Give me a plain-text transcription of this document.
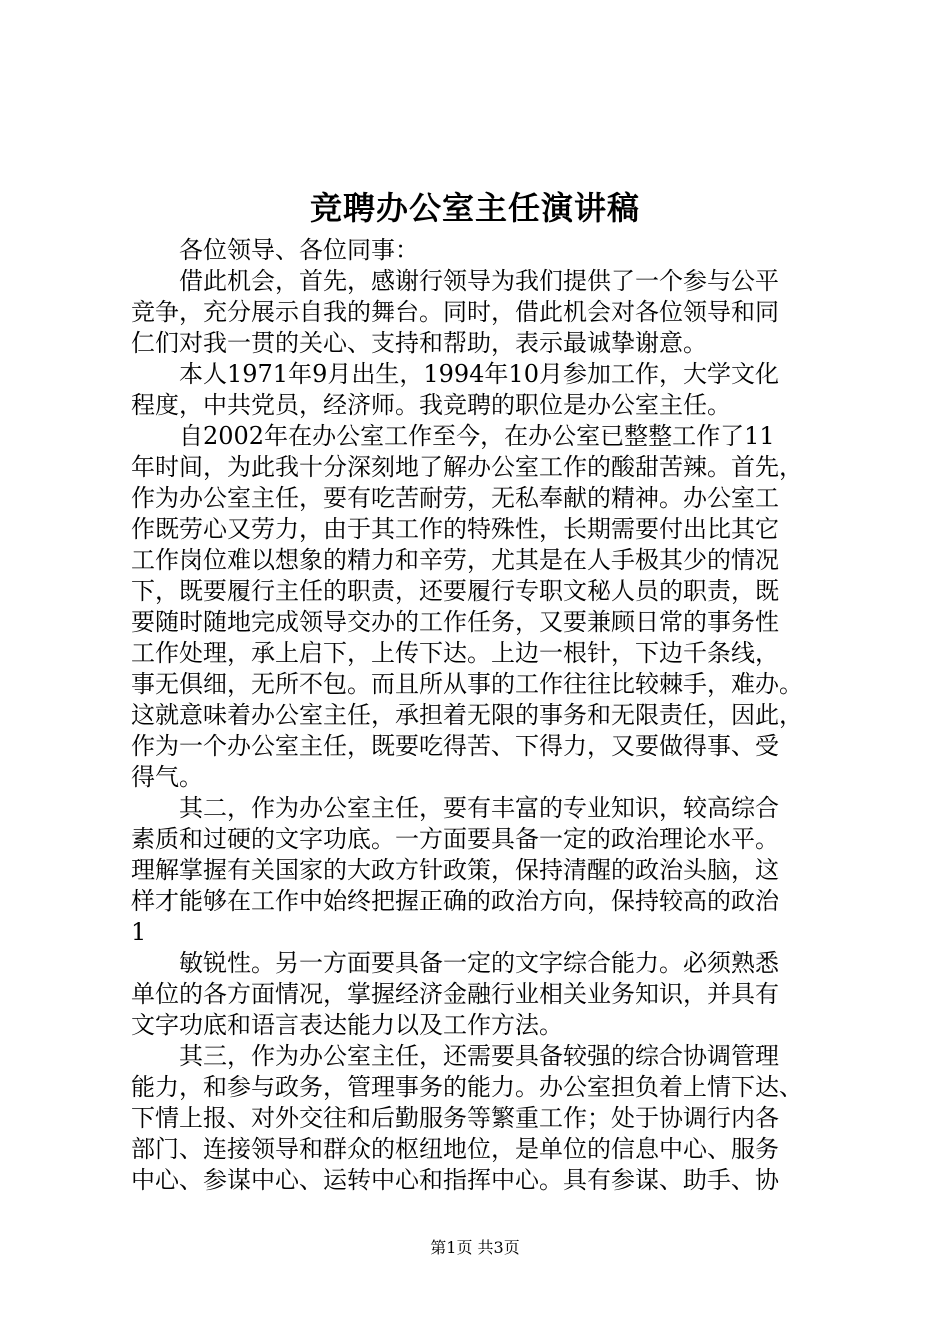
竞聘办公室主任演讲稿

各位领导、各位同事：

借此机会，首先，感谢行领导为我们提供了一个参与公平
竞争，充分展示自我的舞台。同时，借此机会对各位领导和同
仁们对我一贯的关心、支持和帮助，表示最诚挚谢意。

本人1971年9月出生，1994年10月参加工作，大学文化
程度，中共党员，经济师。我竞聘的职位是办公室主任。

自2002年在办公室工作至今，在办公室已整整工作了11
年时间，为此我十分深刻地了解办公室工作的酸甜苦辣。首先，
作为办公室主任，要有吃苦耐劳，无私奉献的精神。办公室工
作既劳心又劳力，由于其工作的特殊性，长期需要付出比其它
工作岗位难以想象的精力和辛劳，尤其是在人手极其少的情况
下，既要履行主任的职责，还要履行专职文秘人员的职责，既
要随时随地完成领导交办的工作任务，又要兼顾日常的事务性
工作处理，承上启下，上传下达。上边一根针，下边千条线，
事无俱细，无所不包。而且所从事的工作往往比较棘手，难办。
这就意味着办公室主任，承担着无限的事务和无限责任，因此，
作为一个办公室主任，既要吃得苦、下得力，又要做得事、受
得气。

其二，作为办公室主任，要有丰富的专业知识，较高综合
素质和过硬的文字功底。一方面要具备一定的政治理论水平。
理解掌握有关国家的大政方针政策，保持清醒的政治头脑，这
样才能够在工作中始终把握正确的政治方向，保持较高的政治

1

敏锐性。另一方面要具备一定的文字综合能力。必须熟悉
单位的各方面情况，掌握经济金融行业相关业务知识，并具有
文字功底和语言表达能力以及工作方法。

其三，作为办公室主任，还需要具备较强的综合协调管理
能力，和参与政务，管理事务的能力。办公室担负着上情下达、
下情上报、对外交往和后勤服务等繁重工作；处于协调行内各
部门、连接领导和群众的枢纽地位，是单位的信息中心、服务
中心、参谋中心、运转中心和指挥中心。具有参谋、助手、协

第1页 共3页
